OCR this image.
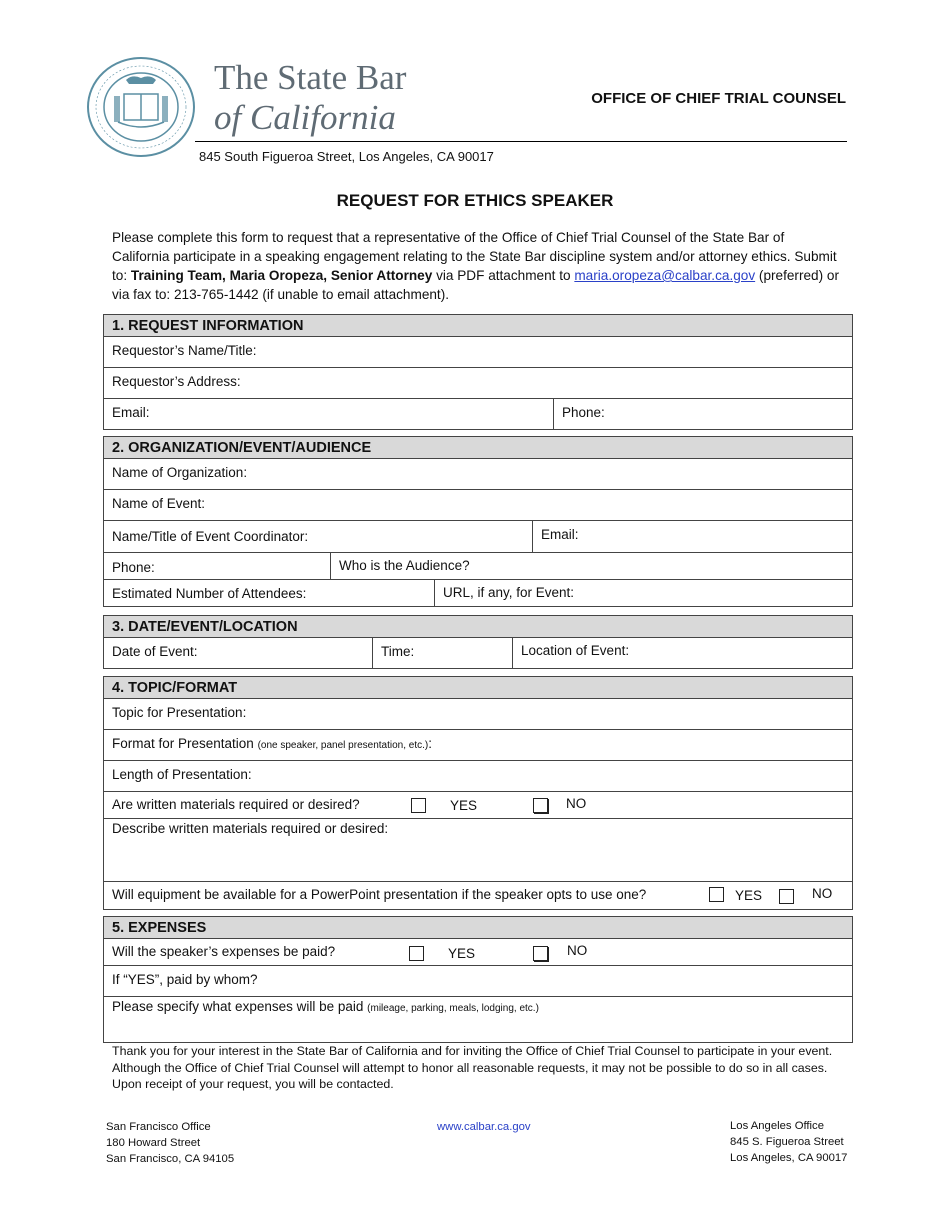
The State Bar
of California	OFFICE OF CHIEF TRIAL COUNSEL
845 South Figueroa Street, Los Angeles, CA 90017
REQUEST FOR ETHICS SPEAKER
Please complete this form to request that a representative of the Office of Chief Trial Counsel of the State Bar of California participate in a speaking engagement relating to the State Bar discipline system and/or attorney ethics. Submit to: Training Team, Maria Oropeza, Senior Attorney via PDF attachment to maria.oropeza@calbar.ca.gov (preferred) or via fax to: 213-765-1442 (if unable to email attachment).
1. REQUEST INFORMATION
Requestor’s Name/Title:
Requestor’s Address:
Email:	Phone:
2. ORGANIZATION/EVENT/AUDIENCE
Name of Organization:
Name of Event:
Name/Title of Event Coordinator:	Email:
Phone:	Who is the Audience?
Estimated Number of Attendees:	URL, if any, for Event:
3. DATE/EVENT/LOCATION
Date of Event:	Time:	Location of Event:
4. TOPIC/FORMAT
Topic for Presentation:
Format for Presentation (one speaker, panel presentation, etc.):
Length of Presentation:
Are written materials required or desired?	YES	NO
Describe written materials required or desired:
Will equipment be available for a PowerPoint presentation if the speaker opts to use one?	YES	NO
5. EXPENSES
Will the speaker’s expenses be paid?	YES	NO
If “YES”, paid by whom?
Please specify what expenses will be paid (mileage, parking, meals, lodging, etc.)
Thank you for your interest in the State Bar of California and for inviting the Office of Chief Trial Counsel to participate in your event. Although the Office of Chief Trial Counsel will attempt to honor all reasonable requests, it may not be possible to do so in all cases. Upon receipt of your request, you will be contacted.
San Francisco Office
180 Howard Street
San Francisco, CA 94105
www.calbar.ca.gov	Los Angeles Office
845 S. Figueroa Street
Los Angeles, CA 90017
